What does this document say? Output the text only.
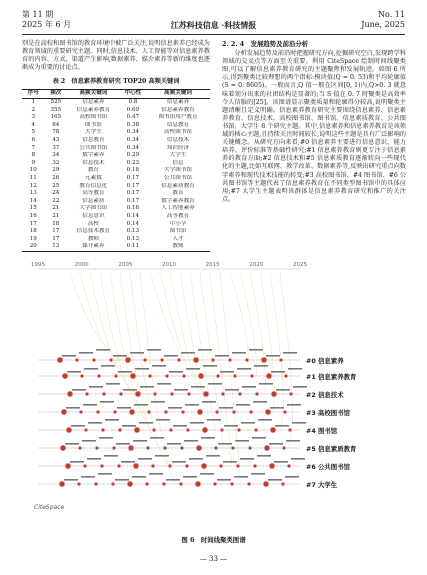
第 11 期
2025 年 6 月	江苏科技信息 ·科技情报
No. 11
June, 2025

别是在高校和图书馆的教育环境中被广泛关注,说明信息素养已经成为教育领域的重要研究主题。同时,信息技术、人工智能等对信息素养教育的内容、方式、渠道产生影响,数据素养、媒介素养等新的维度也逐渐成为重要的讨论点。

表 2　信息素养教育研究 TOP20 高频关键词
序号	频次	高频关键词	中心性	高频关键词
1	525	信息素养	0.8	信息素养
2	355	信息素养教育	0.69	信息素养教育
3	165	高校图书馆	0.47	图书馆用户教育
4	84	图书馆	0.38	信息教育
5	78	大学生	0.34	高校图书馆
6	43	信息教育	0.34	信息技术
7	37	公共图书馆	0.34	知识经济
8	34	数字素养	0.29	大学生
9	32	信息技术	0.23	信息
10	29	教育	0.18	大学图书馆
11	26	元素数	0.17	公共图书馆
12	25	教育信息化	0.17	信息素质教育
13	24	高等教育	0.17	教育
14	22	信息素质	0.17	数字素养教育
15	21	大学图书馆	0.16	人工智能素养
16	21	信息意识	0.14	高等教育
17	18	高校	0.14	中小学
18	17	信息技术教育	0.13	图书馆
19	17	教师	0.13	人才
20	13	媒介素养	0.11	教师
2. 2. 4　发展趋势及前沿分析

分析发展趋势及前沿时把握研究方向,挖掘研究空白,发现跨学科领域的交叉点等方面至关重要。利用 CiteSpace 绘制时间线聚类图,可以了解信息素养教育研究的主题聚焦和发展轨迹。如图 6 所示,得到聚类比较理想的两个指标:模块值(Q = 0. 53)和平均轮廓值(S = 0. 8605)。一般而言,Q 值一般在区间[0, 1)内,Q>0. 3 就意味着划分出来的社团结构是显著的;当 S 值在 0. 7 时聚类是高效率令人信服的[25]。该图谱显示聚类质量和轮廓得分较高,说明聚类主题清晰且定义明确。信息素养教育研究主要围绕信息素养、信息素养教育、信息技术、高校图书馆、图书馆、信息素质教育、公共图书馆、大学生 8 个研究主题。其中,信息素养和信息素养教育是该领域的核心主题,且持续关注时间较长,说明这些主题是具有广泛影响的关键概念。从研究方向来看,#0 信息素养主要进行信息意识、能力培养、评价标准等基础性研究;#1 信息素养教育则更专注于信息素养的教育方面;#2 信息技术和#5 信息素质教育逐渐转向一些现代化的主题,比如互联网、教学改革、数据素养等,反映出研究重点向数字素养和现代技术技能的转变;#3 高校图书馆、#4 图书馆、#6 公共图书馆等主题代表了信息素养教育在不同类型图书馆中的具体应用;#7 大学生主题表明该群体是信息素养教育研究和推广的关注点。

1995	2000	2005	2010	2015	2020	2025
#0 信息素养
#1 信息素养教育
#2 信息技术
#3 高校图书馆
#4 图书馆
#5 信息素质教育
#6 公共图书馆
#7 大学生
CiteSpace
图 6　时间线聚类图谱
— 33 —
